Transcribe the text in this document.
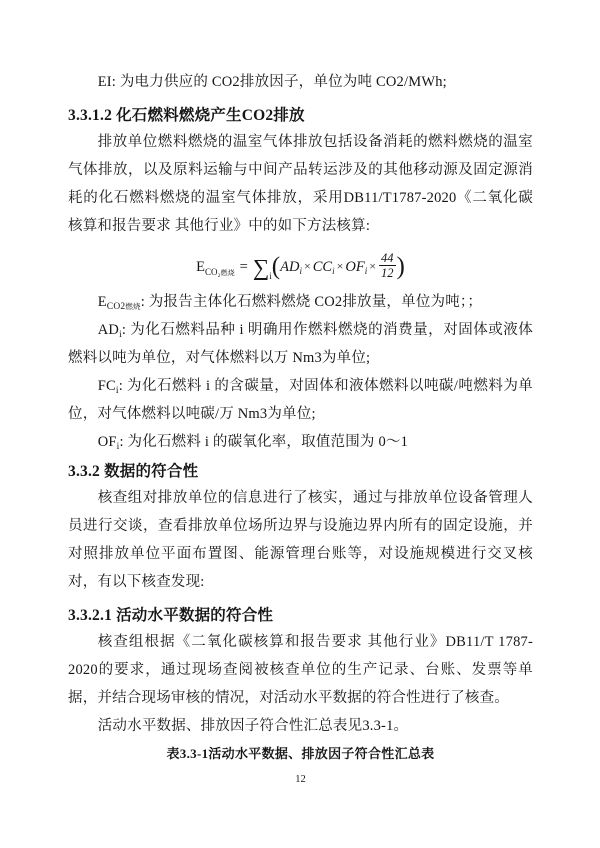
EI: 为电力供应的 CO2排放因子，单位为吨 CO2/MWh;

3.3.1.2 化石燃料燃烧产生CO2排放

排放单位燃料燃烧的温室气体排放包括设备消耗的燃料燃烧的温室气体排放，以及原料运输与中间产品转运涉及的其他移动源及固定源消耗的化石燃料燃烧的温室气体排放，采用DB11/T1787-2020《二氧化碳核算和报告要求 其他行业》中的如下方法核算:

$E_{CO_2燃烧} = \sum_i(AD_i \times CC_i \times OF_i \times \frac{44}{12}$ )

$E_{CO2燃烧}$: 为报告主体化石燃料燃烧 CO2排放量，单位为吨；；

$AD_i$: 为化石燃料品种 i 明确用作燃料燃烧的消费量，对固体或液体燃料以吨为单位，对气体燃料以万 Nm3为单位;

$FC_i$: 为化石燃料 i 的含碳量，对固体和液体燃料以吨碳/吨燃料为单位，对气体燃料以吨碳/万 Nm3为单位;

$OF_i$: 为化石燃料 i 的碳氧化率，取值范围为 0～1

3.3.2 数据的符合性

核查组对排放单位的信息进行了核实，通过与排放单位设备管理人员进行交谈，查看排放单位场所边界与设施边界内所有的固定设施，并对照排放单位平面布置图、能源管理台账等，对设施规模进行交叉核对，有以下核查发现:

3.3.2.1 活动水平数据的符合性

核查组根据《二氧化碳核算和报告要求 其他行业》DB11/T 1787-2020的要求，通过现场查阅被核查单位的生产记录、台账、发票等单据，并结合现场审核的情况，对活动水平数据的符合性进行了核查。

活动水平数据、排放因子符合性汇总表见3.3-1。

表3.3-1活动水平数据、排放因子符合性汇总表

12
